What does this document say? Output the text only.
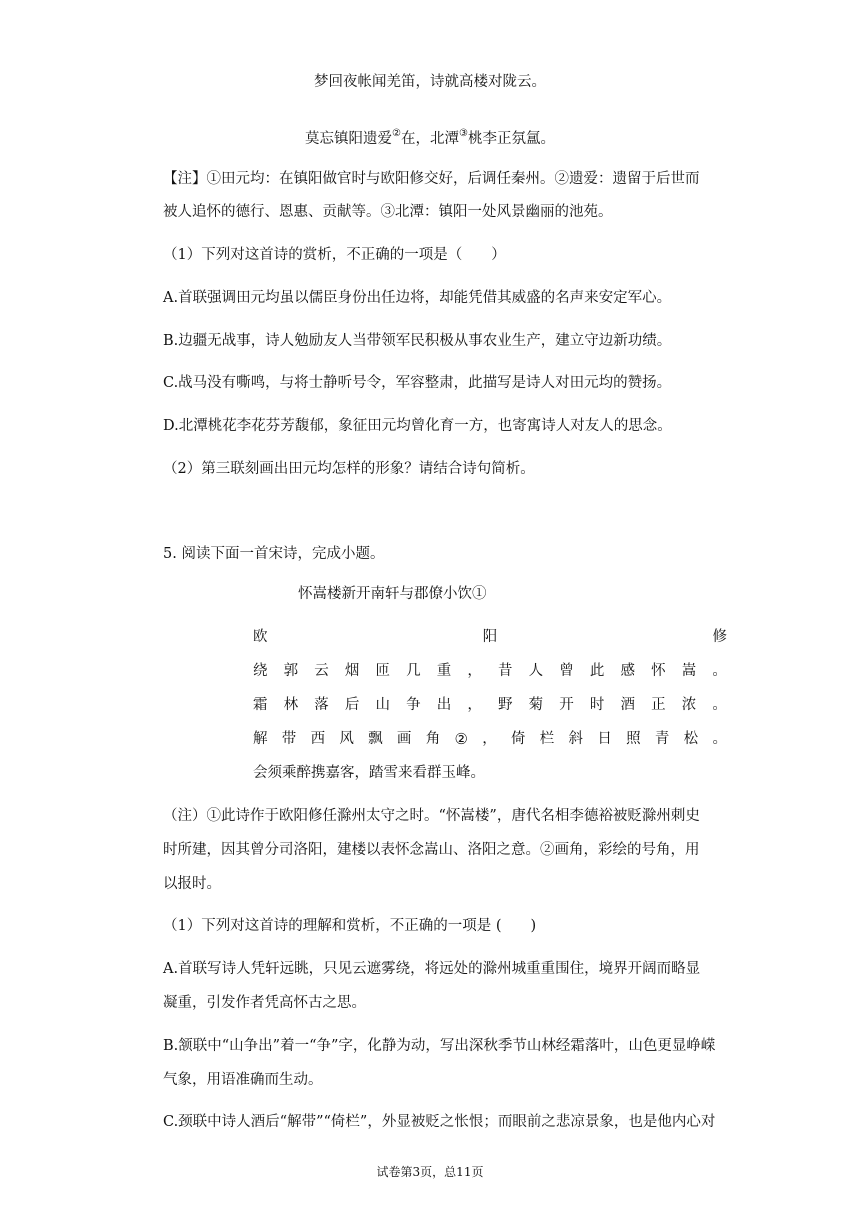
梦回夜帐闻羌笛，诗就高楼对陇云。
莫忘镇阳遗爱②在，北潭③桃李正氛氲。
【注】①田元均：在镇阳做官时与欧阳修交好，后调任秦州。②遗爱：遗留于后世而
被人追怀的德行、恩惠、贡献等。③北潭：镇阳一处风景幽丽的池苑。
（1）下列对这首诗的赏析，不正确的一项是（　　）
A.首联强调田元均虽以儒臣身份出任边将，却能凭借其威盛的名声来安定军心。
B.边疆无战事，诗人勉励友人当带领军民积极从事农业生产，建立守边新功绩。
C.战马没有嘶鸣，与将士静听号令，军容整肃，此描写是诗人对田元均的赞扬。
D.北潭桃花李花芬芳馥郁，象征田元均曾化育一方，也寄寓诗人对友人的思念。
（2）第三联刻画出田元均怎样的形象？请结合诗句简析。
5. 阅读下面一首宋诗，完成小题。
怀嵩楼新开南轩与郡僚小饮①
欧	阳	修
绕 郭 云 烟 匝 几 重 ， 昔 人 曾 此 感 怀 嵩 。
霜 林 落 后 山 争 出 ， 野 菊 开 时 酒 正 浓 。
解 带 西 风 飘 画 角 ② ， 倚 栏 斜 日 照 青 松 。
会须乘醉携嘉客，踏雪来看群玉峰。
（注）①此诗作于欧阳修任滁州太守之时。“怀嵩楼”，唐代名相李德裕被贬滁州刺史
时所建，因其曾分司洛阳，建楼以表怀念嵩山、洛阳之意。②画角，彩绘的号角，用
以报时。
（1）下列对这首诗的理解和赏析，不正确的一项是 (　　)
A.首联写诗人凭轩远眺，只见云遮雾绕，将远处的滁州城重重围住，境界开阔而略显
凝重，引发作者凭高怀古之思。
B.颔联中“山争出”着一“争”字，化静为动，写出深秋季节山林经霜落叶，山色更显峥嵘
气象，用语准确而生动。
C.颈联中诗人酒后“解带”“倚栏”，外显被贬之怅恨；而眼前之悲凉景象，也是他内心对
试卷第3页，总11页
